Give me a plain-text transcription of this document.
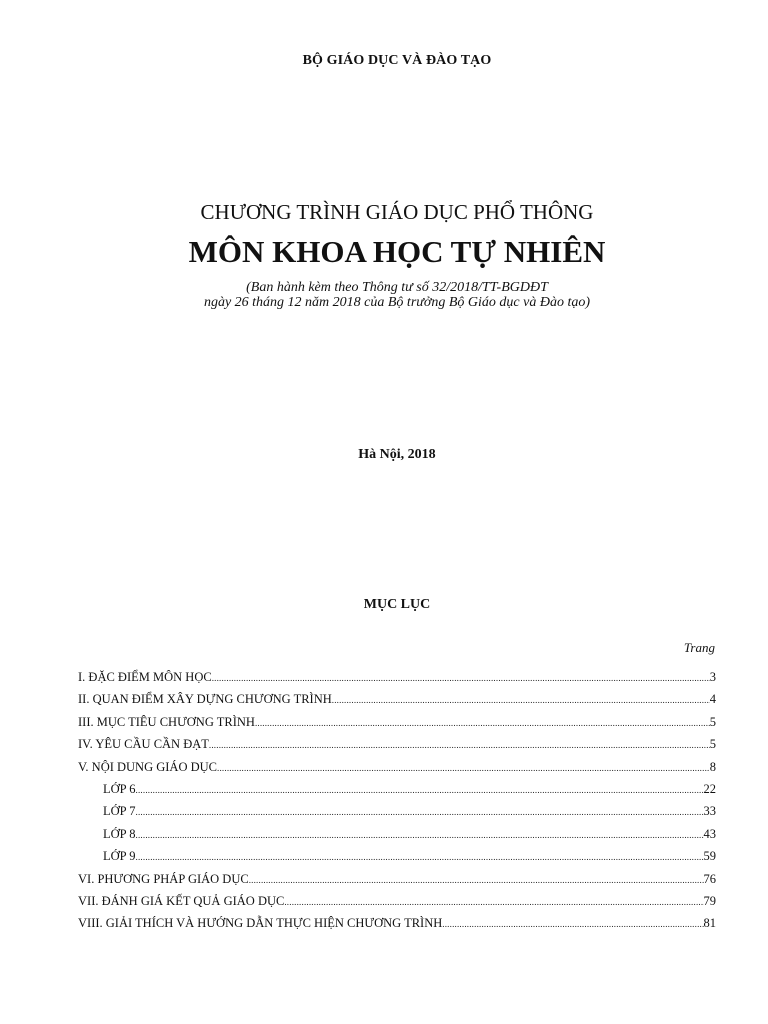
BỘ GIÁO DỤC VÀ ĐÀO TẠO
CHƯƠNG TRÌNH GIÁO DỤC PHỔ THÔNG
MÔN KHOA HỌC TỰ NHIÊN
(Ban hành kèm theo Thông tư số 32/2018/TT-BGDĐT
ngày 26 tháng 12 năm 2018 của Bộ trưởng Bộ Giáo dục và Đào tạo)
Hà Nội, 2018
MỤC LỤC
Trang
I. ĐẶC ĐIỂM MÔN HỌC .....	3
II. QUAN ĐIỂM XÂY DỰNG CHƯƠNG TRÌNH .....	4
III. MỤC TIÊU CHƯƠNG TRÌNH .....	5
IV. YÊU CẦU CẦN ĐẠT .....	5
V. NỘI DUNG GIÁO DỤC .....	8
LỚP 6 .....	22
LỚP 7 .....	33
LỚP 8 .....	43
LỚP 9 .....	59
VI. PHƯƠNG PHÁP GIÁO DỤC .....	76
VII. ĐÁNH GIÁ KẾT QUẢ GIÁO DỤC .....	79
VIII. GIẢI THÍCH VÀ HƯỚNG DẪN THỰC HIỆN CHƯƠNG TRÌNH .....	81
